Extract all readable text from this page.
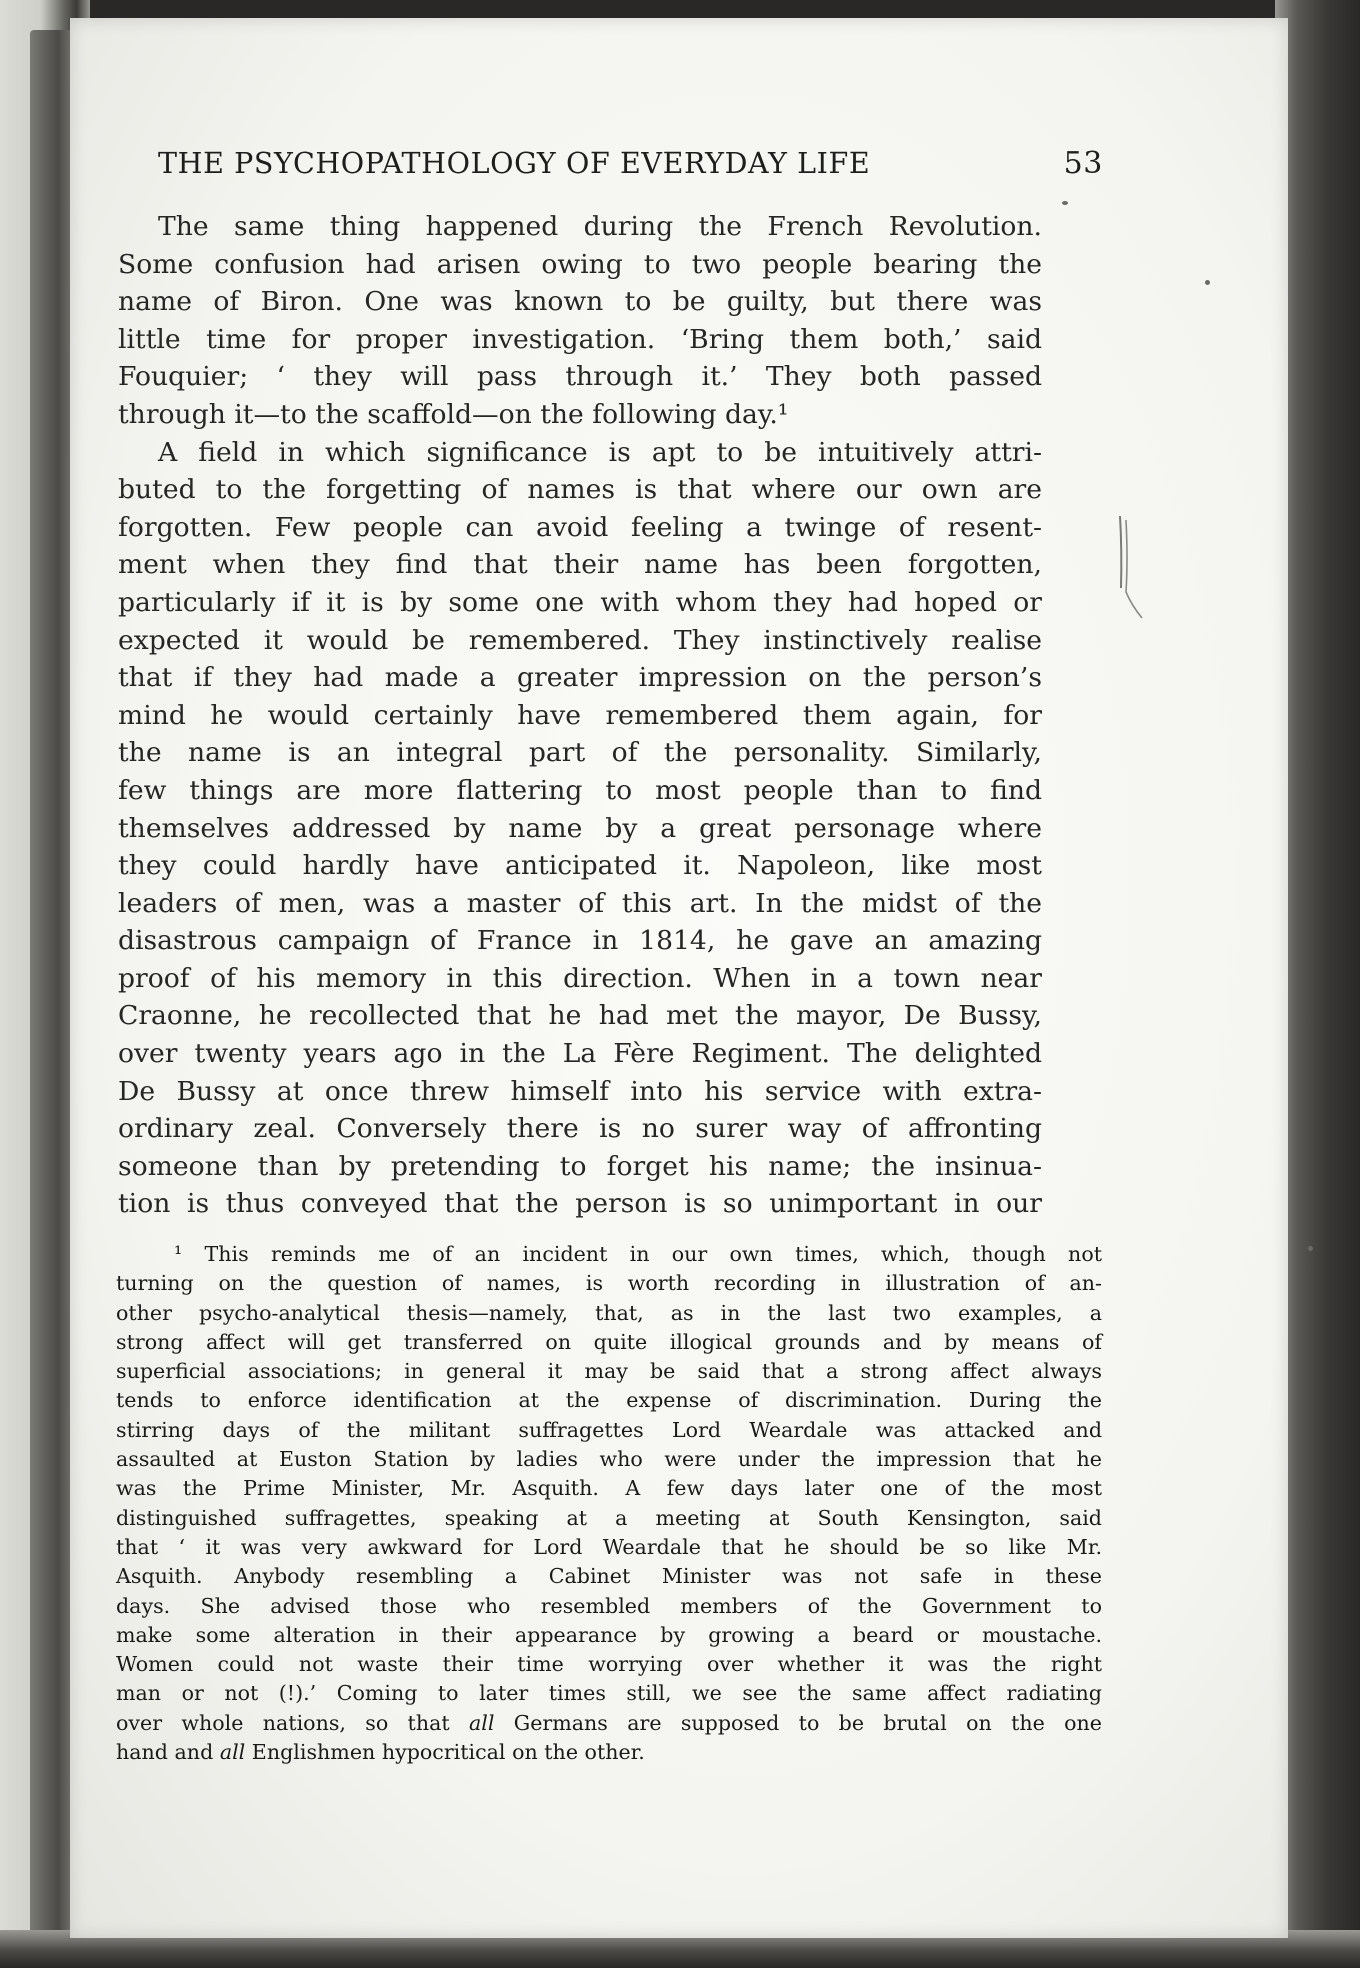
THE PSYCHOPATHOLOGY OF EVERYDAY LIFE	53
The same thing happened during the French Revolution.
Some confusion had arisen owing to two people bearing the
name of Biron. One was known to be guilty, but there was
little time for proper investigation. ‘Bring them both,’ said
Fouquier; ‘ they will pass through it.’ They both passed
through it—to the scaffold—on the following day.¹
A field in which significance is apt to be intuitively attri-
buted to the forgetting of names is that where our own are
forgotten. Few people can avoid feeling a twinge of resent-
ment when they find that their name has been forgotten,
particularly if it is by some one with whom they had hoped or
expected it would be remembered. They instinctively realise
that if they had made a greater impression on the person’s
mind he would certainly have remembered them again, for
the name is an integral part of the personality. Similarly,
few things are more flattering to most people than to find
themselves addressed by name by a great personage where
they could hardly have anticipated it. Napoleon, like most
leaders of men, was a master of this art. In the midst of the
disastrous campaign of France in 1814, he gave an amazing
proof of his memory in this direction. When in a town near
Craonne, he recollected that he had met the mayor, De Bussy,
over twenty years ago in the La Fère Regiment. The delighted
De Bussy at once threw himself into his service with extra-
ordinary zeal. Conversely there is no surer way of affronting
someone than by pretending to forget his name; the insinua-
tion is thus conveyed that the person is so unimportant in our
¹ This reminds me of an incident in our own times, which, though not
turning on the question of names, is worth recording in illustration of an-
other psycho-analytical thesis—namely, that, as in the last two examples, a
strong affect will get transferred on quite illogical grounds and by means of
superficial associations; in general it may be said that a strong affect always
tends to enforce identification at the expense of discrimination. During the
stirring days of the militant suffragettes Lord Weardale was attacked and
assaulted at Euston Station by ladies who were under the impression that he
was the Prime Minister, Mr. Asquith. A few days later one of the most
distinguished suffragettes, speaking at a meeting at South Kensington, said
that ‘ it was very awkward for Lord Weardale that he should be so like Mr.
Asquith. Anybody resembling a Cabinet Minister was not safe in these
days. She advised those who resembled members of the Government to
make some alteration in their appearance by growing a beard or moustache.
Women could not waste their time worrying over whether it was the right
man or not (!).’ Coming to later times still, we see the same affect radiating
over whole nations, so that all Germans are supposed to be brutal on the one
hand and all Englishmen hypocritical on the other.
